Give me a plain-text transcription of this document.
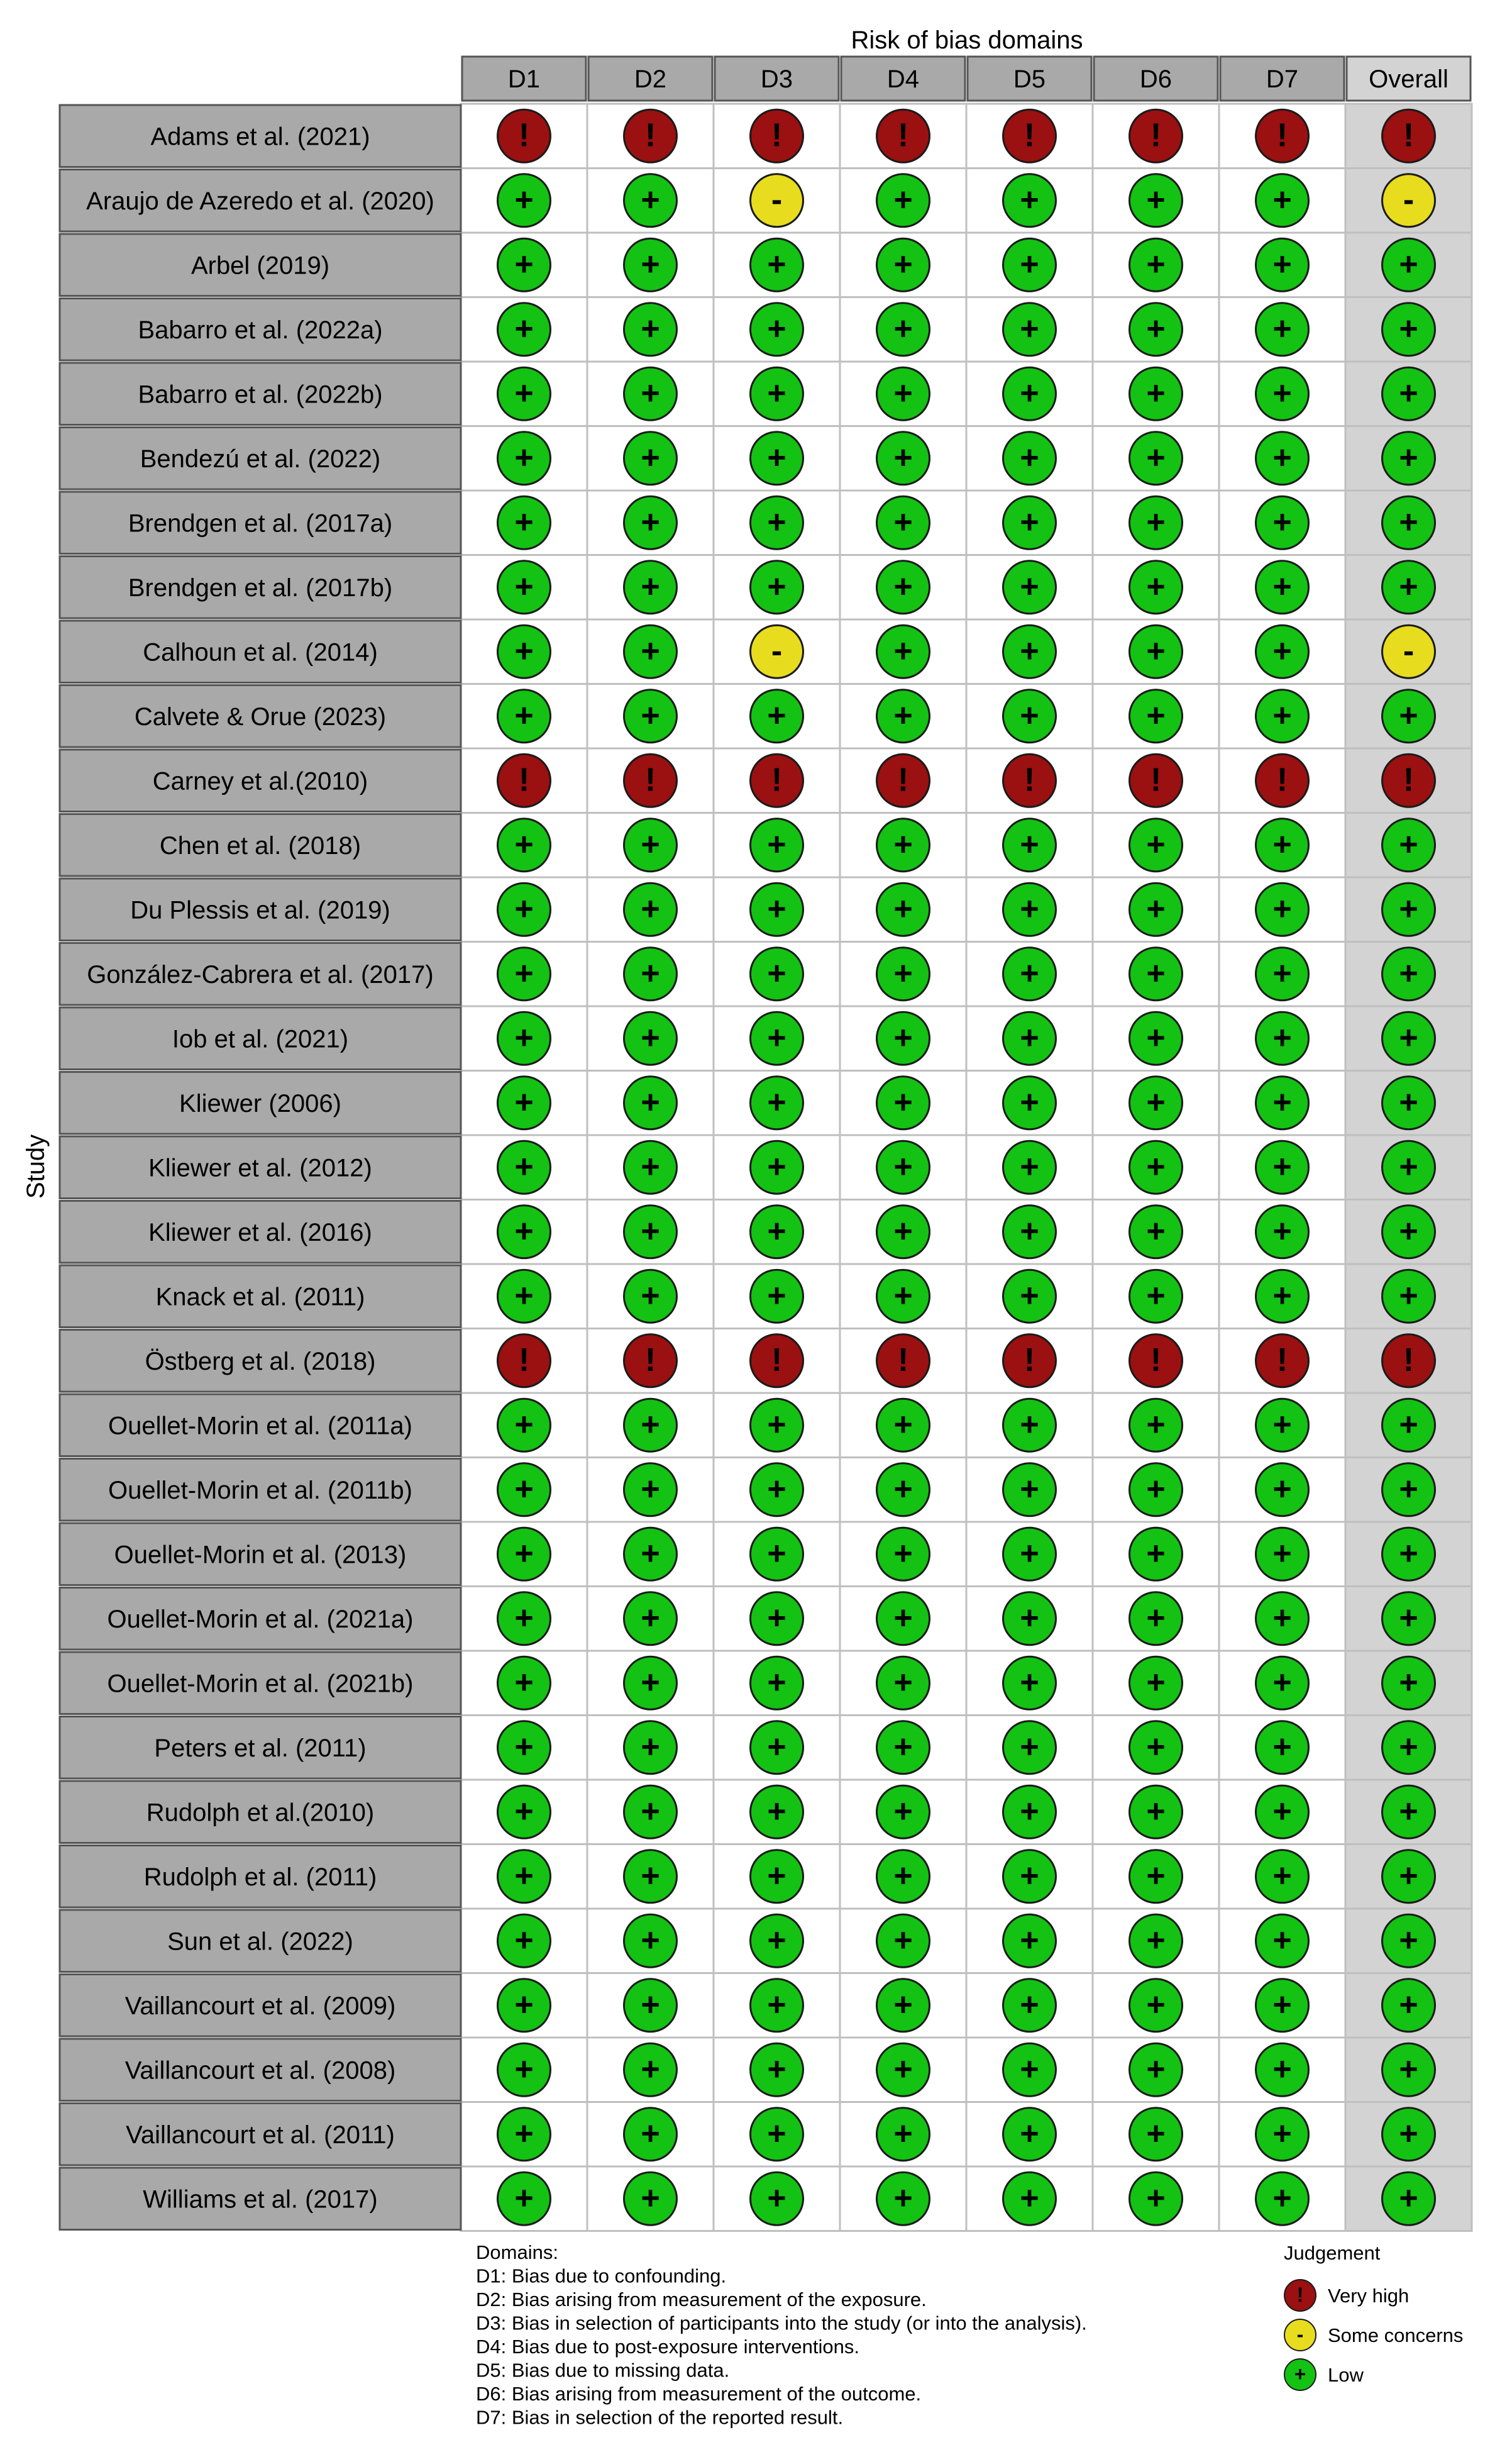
Risk of bias domains
Study
D1	D2	D3	D4	D5	D6	D7	Overall
Adams et al. (2021)	!	!	!	!	!	!	!	!
Araujo de Azeredo et al. (2020) +	+	-	+	+	+	+	-
Arbel (2019)	+	+	+	+	+	+	+	+
Babarro et al. (2022a)	+	+	+	+	+	+	+	+
Babarro et al. (2022b)	+	+	+	+	+	+	+	+
Bendezú et al. (2022)	+	+	+	+	+	+	+	+
Brendgen et al. (2017a)	+	+	+	+	+	+	+	+
Brendgen et al. (2017b)	+	+	+	+	+	+	+	+
Calhoun et al. (2014)	+	+	-	+	+	+	+	-
Calvete & Orue (2023)	+	+	+	+	+	+	+	+
Carney et al.(2010)	!	!	!	!	!	!	!	!
Chen et al. (2018)	+	+	+	+	+	+	+	+
Du Plessis et al. (2019)	+	+	+	+	+	+	+	+
González-Cabrera et al. (2017) +	+	+	+	+	+	+	+
Iob et al. (2021)	+	+	+	+	+	+	+	+
Kliewer (2006)	+	+	+	+	+	+	+	+
Kliewer et al. (2012)	+	+	+	+	+	+	+	+
Kliewer et al. (2016)	+	+	+	+	+	+	+	+
Knack et al. (2011)	+	+	+	+	+	+	+	+
Östberg et al. (2018)	!	!	!	!	!	!	!	!
Ouellet-Morin et al. (2011a)	+	+	+	+	+	+	+	+
Ouellet-Morin et al. (2011b)	+	+	+	+	+	+	+	+
Ouellet-Morin et al. (2013)	+	+	+	+	+	+	+	+
Ouellet-Morin et al. (2021a)	+	+	+	+	+	+	+	+
Ouellet-Morin et al. (2021b)	+	+	+	+	+	+	+	+
Peters et al. (2011)	+	+	+	+	+	+	+	+
Rudolph et al.(2010)	+	+	+	+	+	+	+	+
Rudolph et al. (2011)	+	+	+	+	+	+	+	+
Sun et al. (2022)	+	+	+	+	+	+	+	+
Vaillancourt et al. (2009)	+	+	+	+	+	+	+	+
Vaillancourt et al. (2008)	+	+	+	+	+	+	+	+
Vaillancourt et al. (2011)	+	+	+	+	+	+	+	+
Williams et al. (2017)	+	+	+	+	+	+	+	+
Domains:
D1: Bias due to confounding.
D2: Bias arising from measurement of the exposure.
D3: Bias in selection of participants into the study (or into the analysis).
D4: Bias due to post-exposure interventions.
D5: Bias due to missing data.
D6: Bias arising from measurement of the outcome.
D7: Bias in selection of the reported result.
Judgement
! Very high
- Some concerns
+ Low
